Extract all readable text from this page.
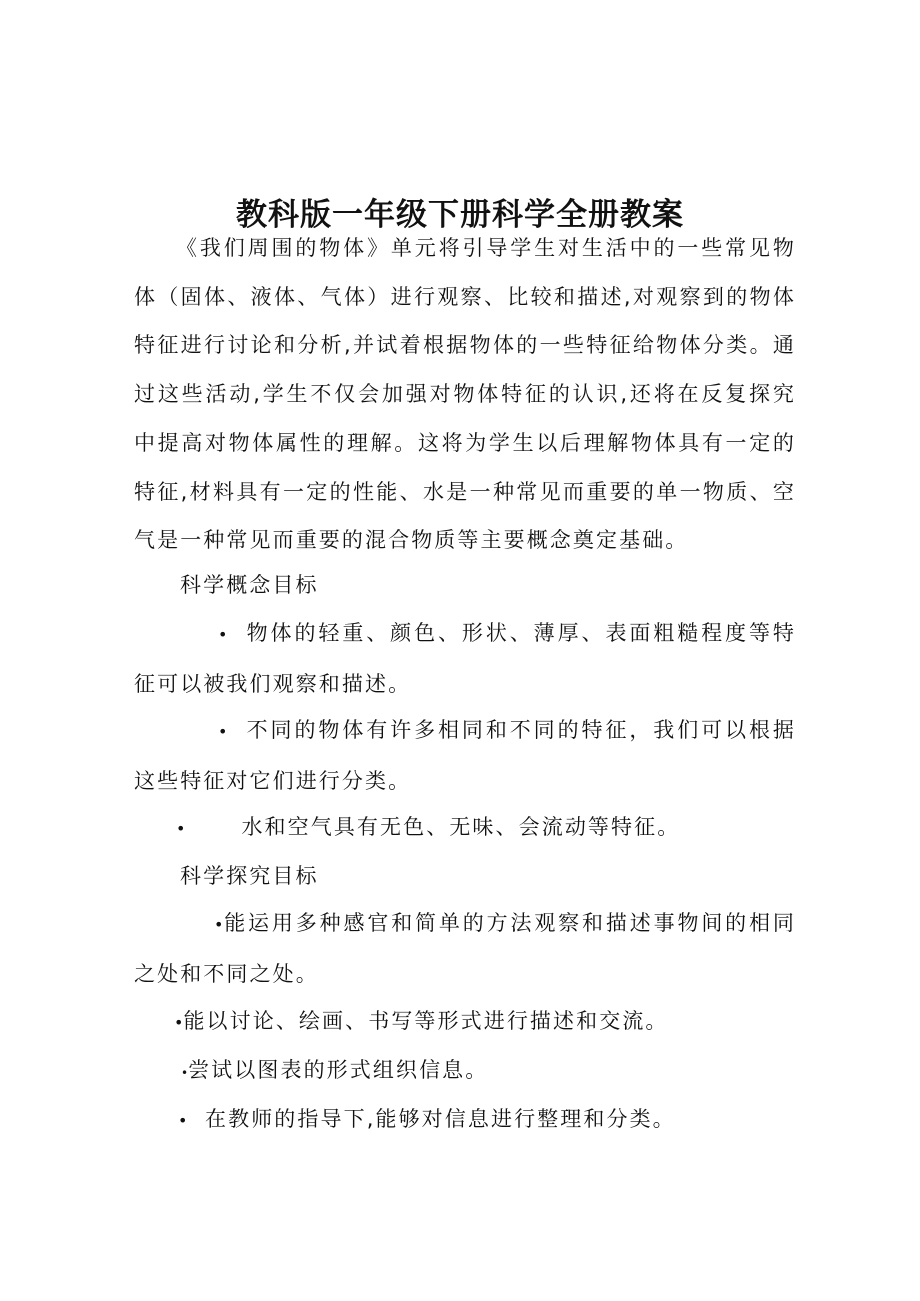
教科版一年级下册科学全册教案

《我们周围的物体》单元将引导学生对生活中的一些常见物体（固体、液体、气体）进行观察、比较和描述,对观察到的物体特征进行讨论和分析,并试着根据物体的一些特征给物体分类。通过这些活动,学生不仅会加强对物体特征的认识,还将在反复探究中提高对物体属性的理解。这将为学生以后理解物体具有一定的特征,材料具有一定的性能、水是一种常见而重要的单一物质、空气是一种常见而重要的混合物质等主要概念奠定基础。

科学概念目标

• 物体的轻重、颜色、形状、薄厚、表面粗糙程度等特征可以被我们观察和描述。

• 不同的物体有许多相同和不同的特征，我们可以根据这些特征对它们进行分类。

•	水和空气具有无色、无味、会流动等特征。

科学探究目标

•能运用多种感官和简单的方法观察和描述事物间的相同之处和不同之处。

•能以讨论、绘画、书写等形式进行描述和交流。

•尝试以图表的形式组织信息。

• 在教师的指导下,能够对信息进行整理和分类。
